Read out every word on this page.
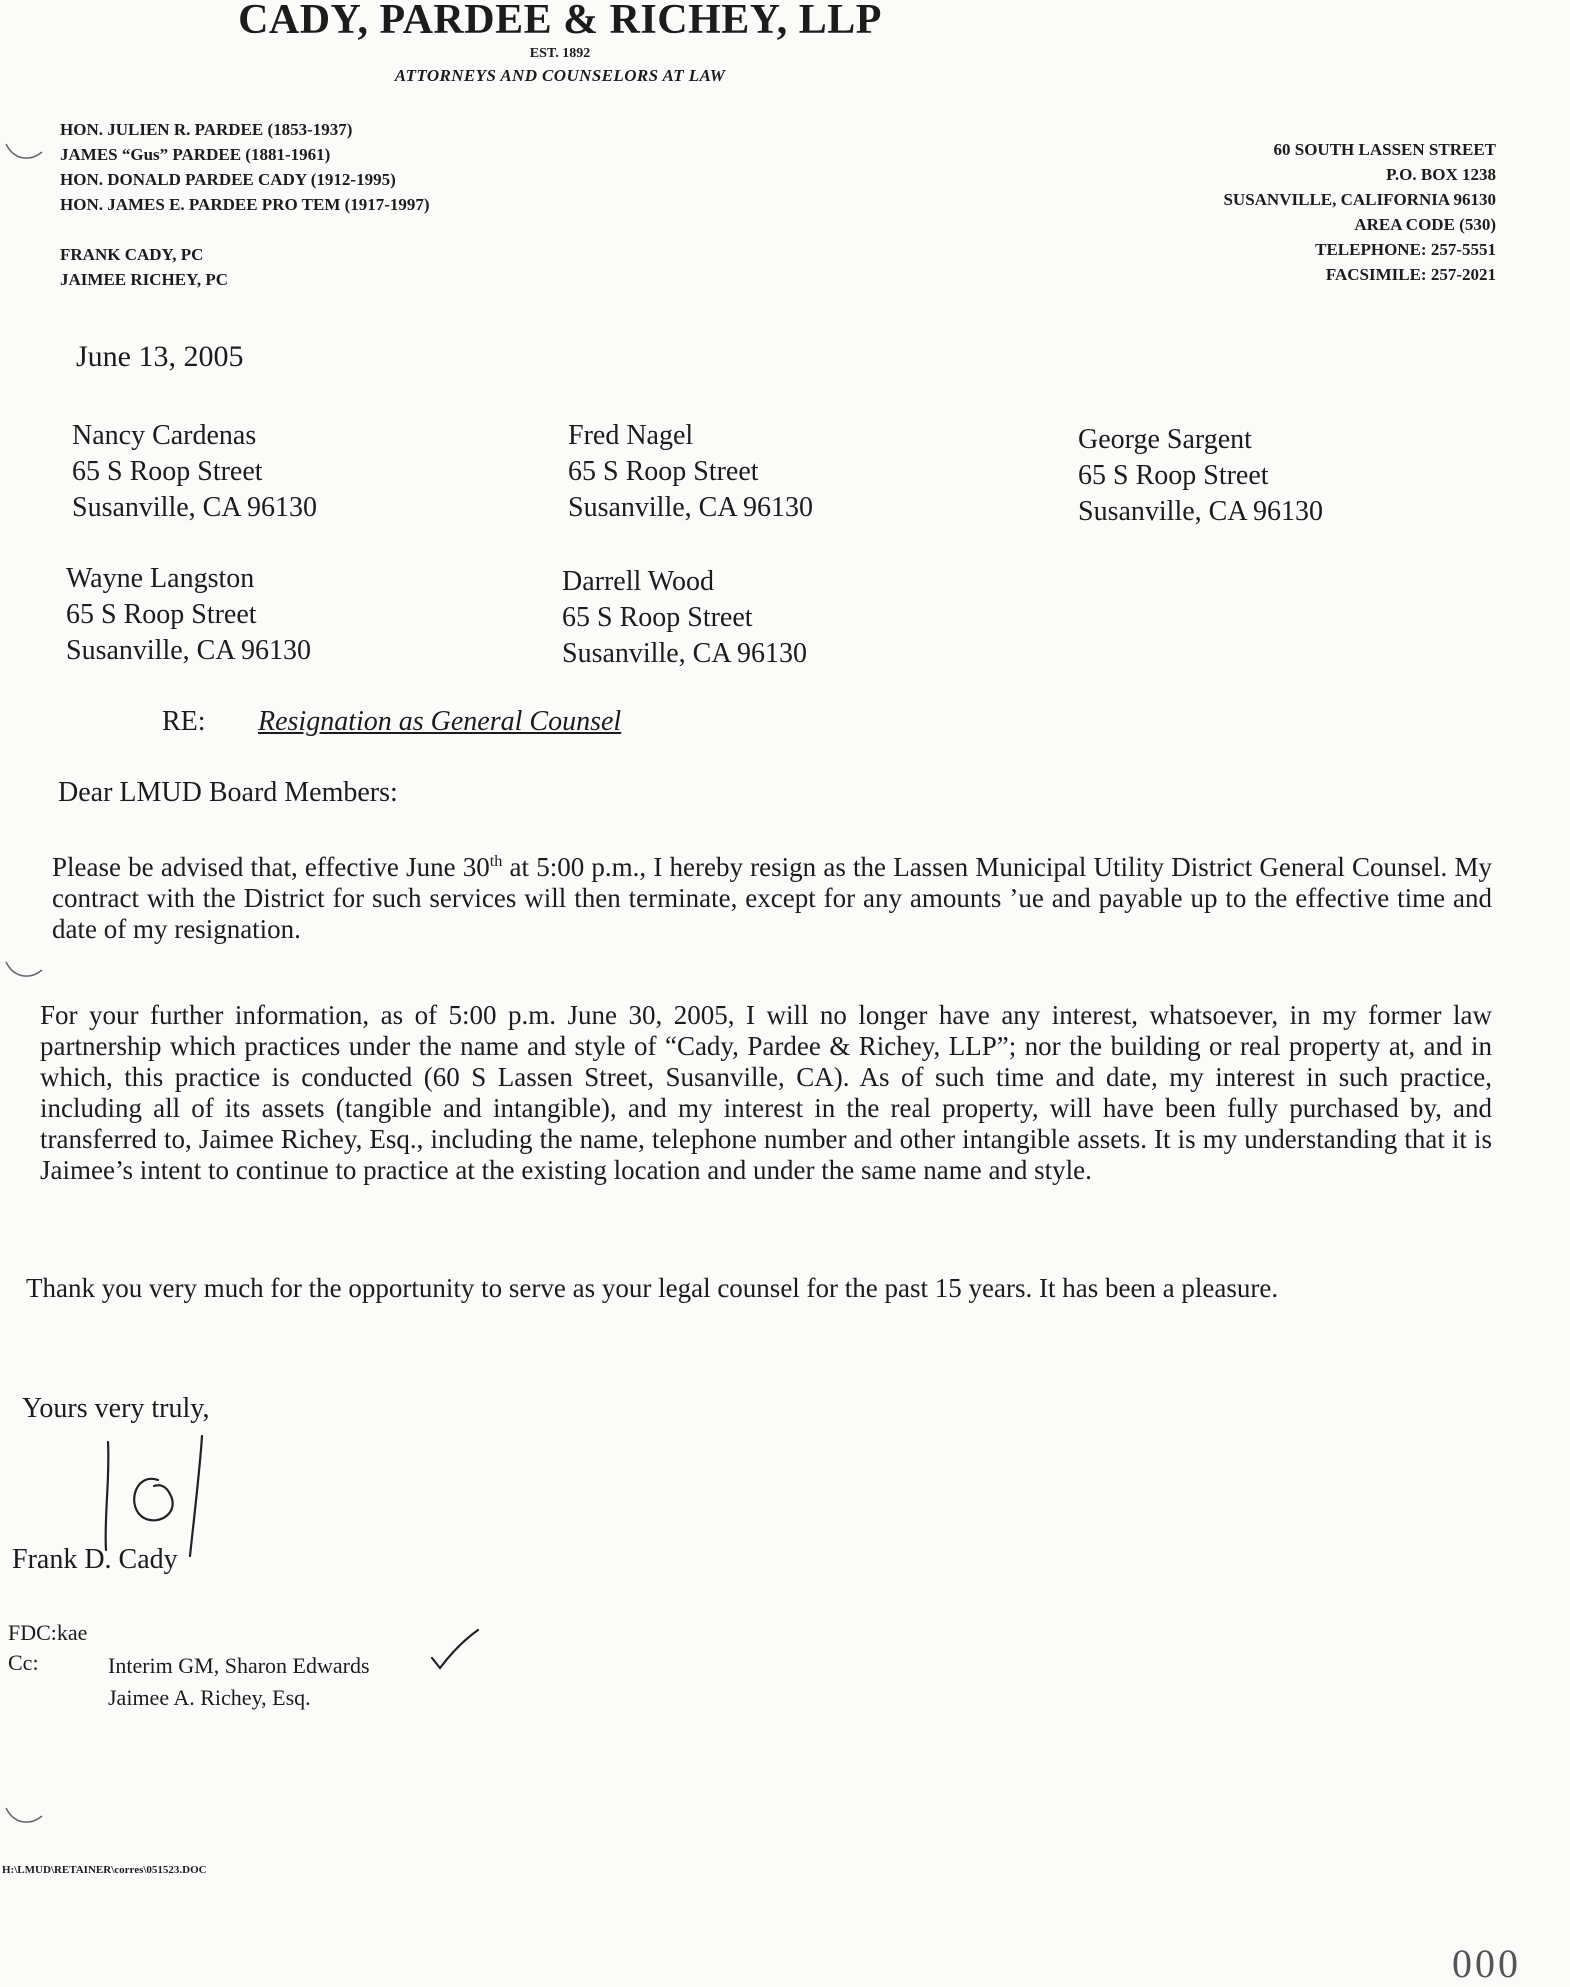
CADY, PARDEE & RICHEY, LLP
EST. 1892
ATTORNEYS AND COUNSELORS AT LAW
HON. JULIEN R. PARDEE (1853-1937)
JAMES “Gus” PARDEE (1881-1961)
HON. DONALD PARDEE CADY (1912-1995)
HON. JAMES E. PARDEE PRO TEM (1917-1997)
FRANK CADY, PC
JAIMEE RICHEY, PC
60 SOUTH LASSEN STREET
P.O. BOX 1238
SUSANVILLE, CALIFORNIA 96130
AREA CODE (530)
TELEPHONE: 257-5551
FACSIMILE: 257-2021
June 13, 2005
Nancy Cardenas
65 S Roop Street
Susanville, CA 96130
Fred Nagel
65 S Roop Street
Susanville, CA 96130
George Sargent
65 S Roop Street
Susanville, CA 96130
Wayne Langston
65 S Roop Street
Susanville, CA 96130
Darrell Wood
65 S Roop Street
Susanville, CA 96130
RE: Resignation as General Counsel
Dear LMUD Board Members:
Please be advised that, effective June 30th at 5:00 p.m., I hereby resign as the Lassen Municipal Utility District General Counsel. My contract with the District for such services will then terminate, except for any amounts ’ue and payable up to the effective time and date of my resignation.
For your further information, as of 5:00 p.m. June 30, 2005, I will no longer have any interest, whatsoever, in my former law partnership which practices under the name and style of “Cady, Pardee & Richey, LLP”; nor the building or real property at, and in which, this practice is conducted (60 S Lassen Street, Susanville, CA). As of such time and date, my interest in such practice, including all of its assets (tangible and intangible), and my interest in the real property, will have been fully purchased by, and transferred to, Jaimee Richey, Esq., including the name, telephone number and other intangible assets. It is my understanding that it is Jaimee’s intent to continue to practice at the existing location and under the same name and style.
Thank you very much for the opportunity to serve as your legal counsel for the past 15 years. It has been a pleasure.
Yours very truly,
Frank D. Cady
FDC:kae
Cc:	Interim GM, Sharon Edwards
Jaimee A. Richey, Esq.
H:\LMUD\RETAINER\corres\051523.DOC
000
